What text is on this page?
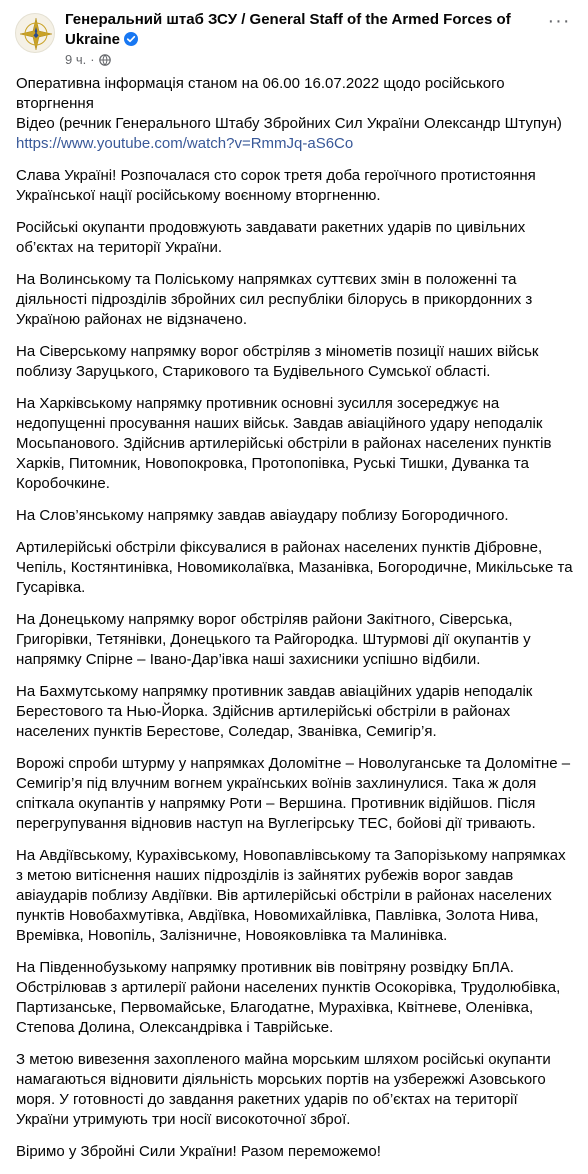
Генеральний штаб ЗСУ / General Staff of the Armed Forces of Ukraine
9 ч. ·
···

Оперативна інформація станом на 06.00 16.07.2022 щодо російського вторгнення
Відео (речник Генерального Штабу Збройних Сил України Олександр Штупун)
https://www.youtube.com/watch?v=RmmJq-aS6Co

Слава Україні! Розпочалася сто сорок третя доба героїчного протистояння Української нації російському воєнному вторгненню.

Російські окупанти продовжують завдавати ракетних ударів по цивільних об’єктах на території України.

На Волинському та Поліському напрямках суттєвих змін в положенні та діяльності підрозділів збройних сил республіки білорусь в прикордонних з Україною районах не відзначено.

На Сіверському напрямку ворог обстріляв з мінометів позиції наших військ поблизу Заруцького, Старикового та Будівельного Сумської області.

На Харківському напрямку противник основні зусилля зосереджує на недопущенні просування наших військ. Завдав авіаційного удару неподалік Мосьпанового. Здійснив артилерійські обстріли в районах населених пунктів Харків, Питомник, Новопокровка, Протопопівка, Руські Тишки, Дуванка та Коробочкине.

На Слов’янському напрямку завдав авіаудару поблизу Богородичного.

Артилерійські обстріли фіксувалися в районах населених пунктів Дібровне, Чепіль, Костянтинівка, Новомиколаївка, Мазанівка, Богородичне, Микільське та Гусарівка.

На Донецькому напрямку ворог обстріляв райони Закітного, Сіверська, Григорівки, Тетянівки, Донецького та Райгородка. Штурмові дії окупантів у напрямку Спірне – Іванo-Дар’івка наші захисники успішно відбили.

На Бахмутському напрямку противник завдав авіаційних ударів неподалік Берестового та Нью-Йорка. Здійснив артилерійські обстріли в районах населених пунктів Берестове, Соледар, Званівка, Семигір’я.

Ворожі спроби штурму у напрямках Доломітне – Новолуганське та Доломітне – Семигір’я під влучним вогнем українських воїнів захлинулися. Така ж доля спіткала окупантів у напрямку Роти – Вершина. Противник відійшов. Після перегрупування відновив наступ на Вуглегірську ТЕС, бойові дії тривають.

На Авдіївському, Курахівському, Новопавлівському та Запорізькому напрямках з метою витіснення наших підрозділів із зайнятих рубежів ворог завдав авіаударів поблизу Авдіївки. Вів артилерійські обстріли в районах населених пунктів Новобахмутівка, Авдіївка, Новомихайлівка, Павлівка, Золота Нива, Времівка, Новопіль, Залізничне, Новояковлівка та Малинівка.

На Південнобузькому напрямку противник вів повітряну розвідку БпЛА. Обстрілював з артилерії райони населених пунктів Осокорівка, Трудолюбівка, Партизанське, Первомайське, Благодатне, Мурахівка, Квітневе, Оленівка, Степова Долина, Олександрівка і Таврійське.

З метою вивезення захопленого майна морським шляхом російські окупанти намагаються відновити діяльність морських портів на узбережжі Азовського моря. У готовності до завдання ракетних ударів по об’єктах на території України утримують три носії високоточної зброї.

Віримо у Збройні Сили України! Разом переможемо!
